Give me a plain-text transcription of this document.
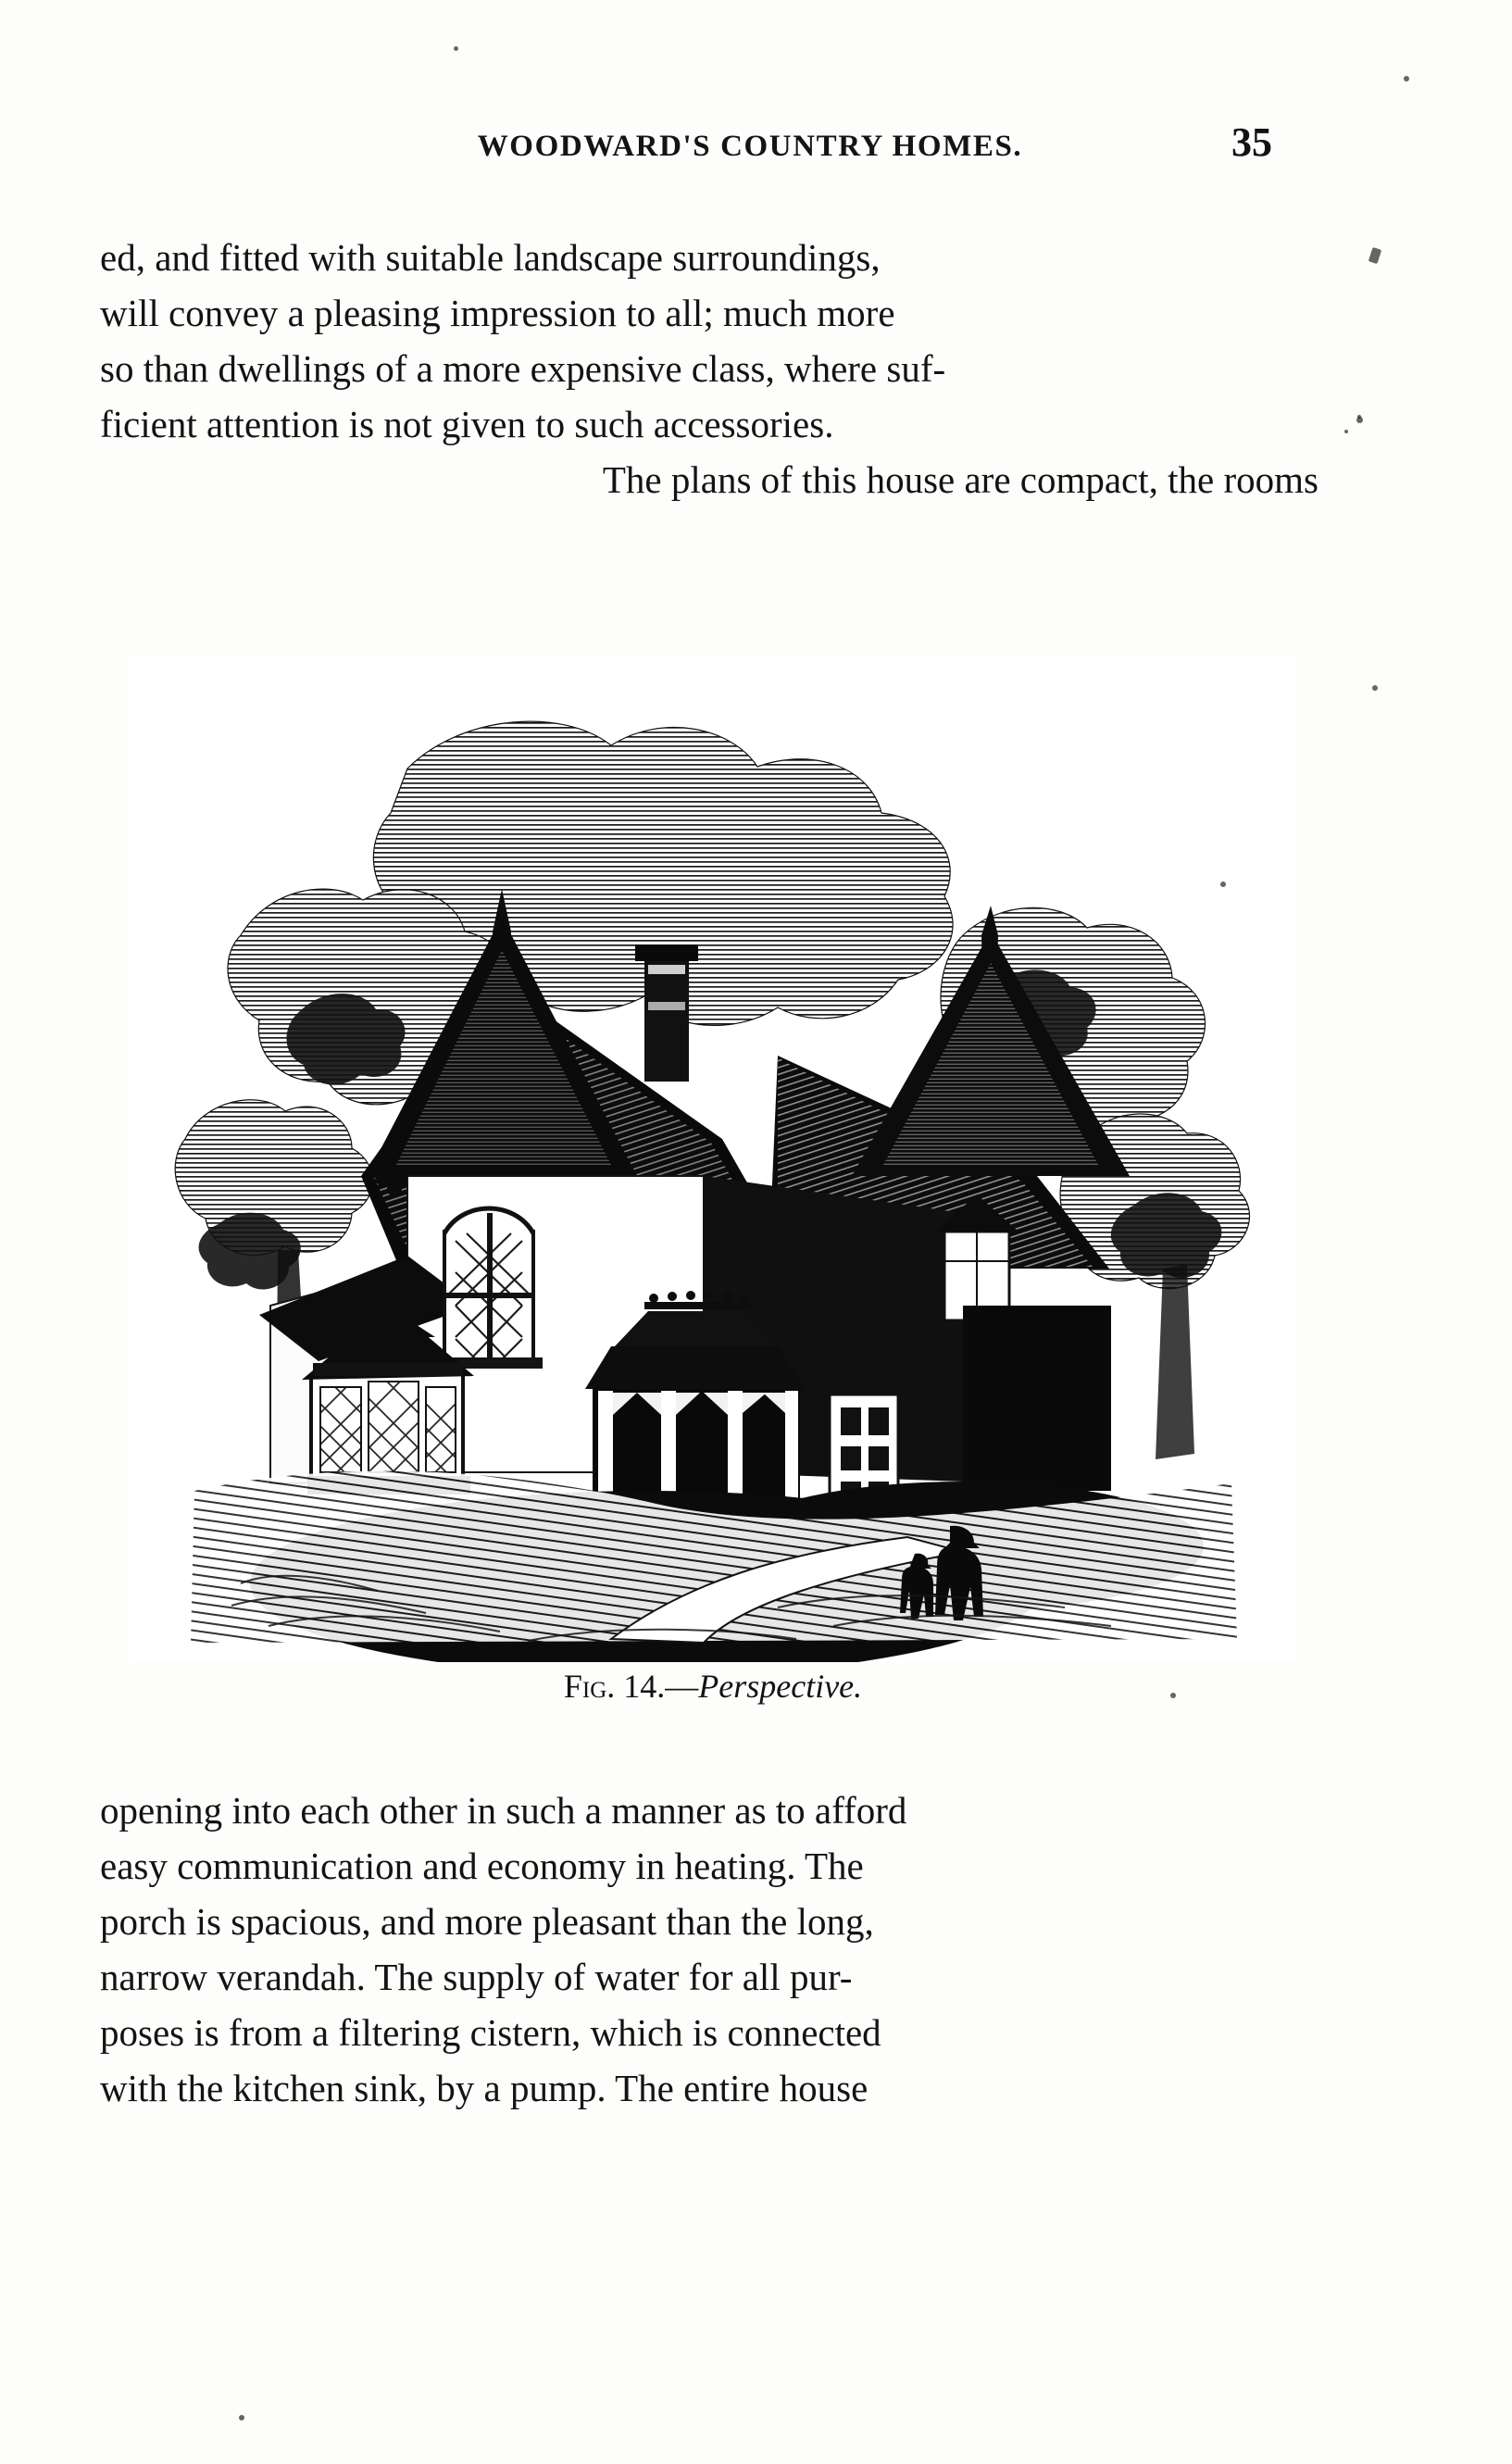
WOODWARD'S COUNTRY HOMES.	35
ed, and fitted with suitable landscape surroundings,
will convey a pleasing impression to all; much more
so than dwellings of a more expensive class, where suf-
ficient attention is not given to such accessories.
The plans of this house are compact, the rooms
Fig. 14.—Perspective.
opening into each other in such a manner as to afford
easy communication and economy in heating. The
porch is spacious, and more pleasant than the long,
narrow verandah. The supply of water for all pur-
poses is from a filtering cistern, which is connected
with the kitchen sink, by a pump. The entire house
